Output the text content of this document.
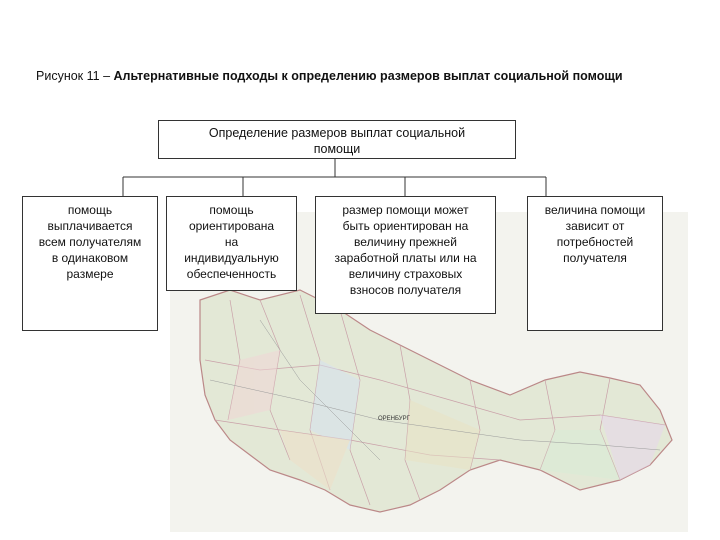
ОРЕНБУРГ
Рисунок 11 – Альтернативные подходы к определению размеров выплат социальной помощи
Определение размеров выплат социальной
помощи
помощь
выплачивается
всем получателям
в одинаковом
размере
помощь
ориентирована
на
индивидуальную
обеспеченность
размер помощи может
быть ориентирован на
величину прежней
заработной платы или на
величину страховых
взносов получателя
величина помощи
зависит от
потребностей
получателя
